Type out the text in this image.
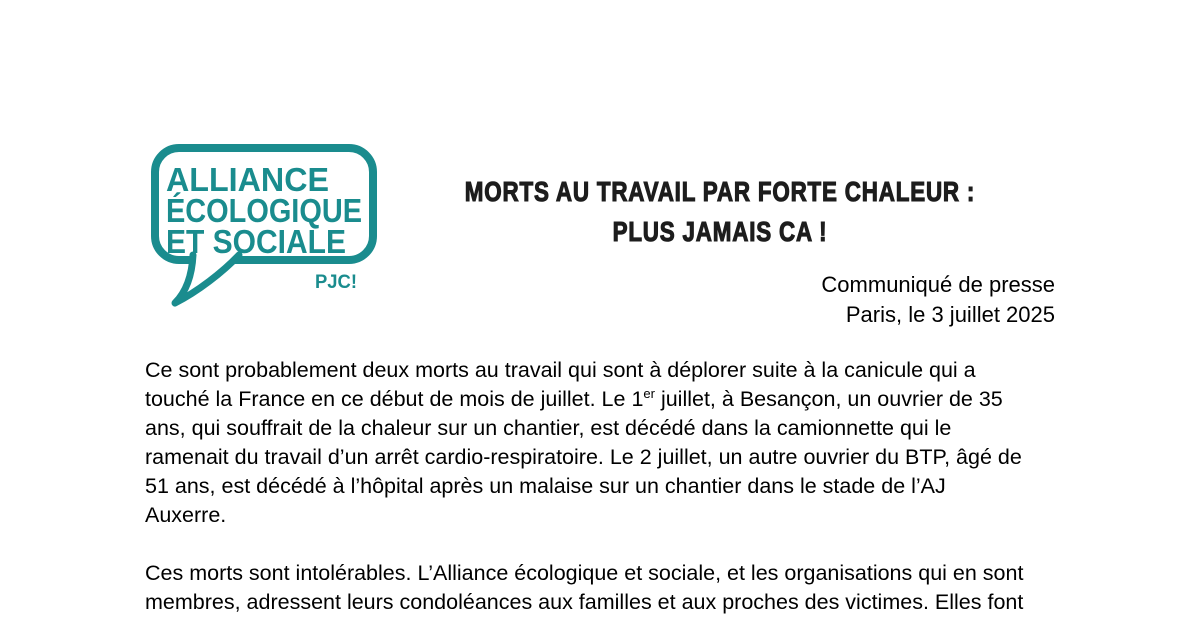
ALLIANCE
ÉCOLOGIQUE
ET SOCIALE
PJC!
MORTS AU TRAVAIL PAR FORTE CHALEUR :
PLUS JAMAIS CA !
Communiqué de presse
Paris, le 3 juillet 2025
Ce sont probablement deux morts au travail qui sont à déplorer suite à la canicule qui a
touché la France en ce début de mois de juillet. Le 1er juillet, à Besançon, un ouvrier de 35
ans, qui souffrait de la chaleur sur un chantier, est décédé dans la camionnette qui le
ramenait du travail d’un arrêt cardio-respiratoire. Le 2 juillet, un autre ouvrier du BTP, âgé de
51 ans, est décédé à l’hôpital après un malaise sur un chantier dans le stade de l’AJ
Auxerre.
Ces morts sont intolérables. L’Alliance écologique et sociale, et les organisations qui en sont
membres, adressent leurs condoléances aux familles et aux proches des victimes. Elles font
